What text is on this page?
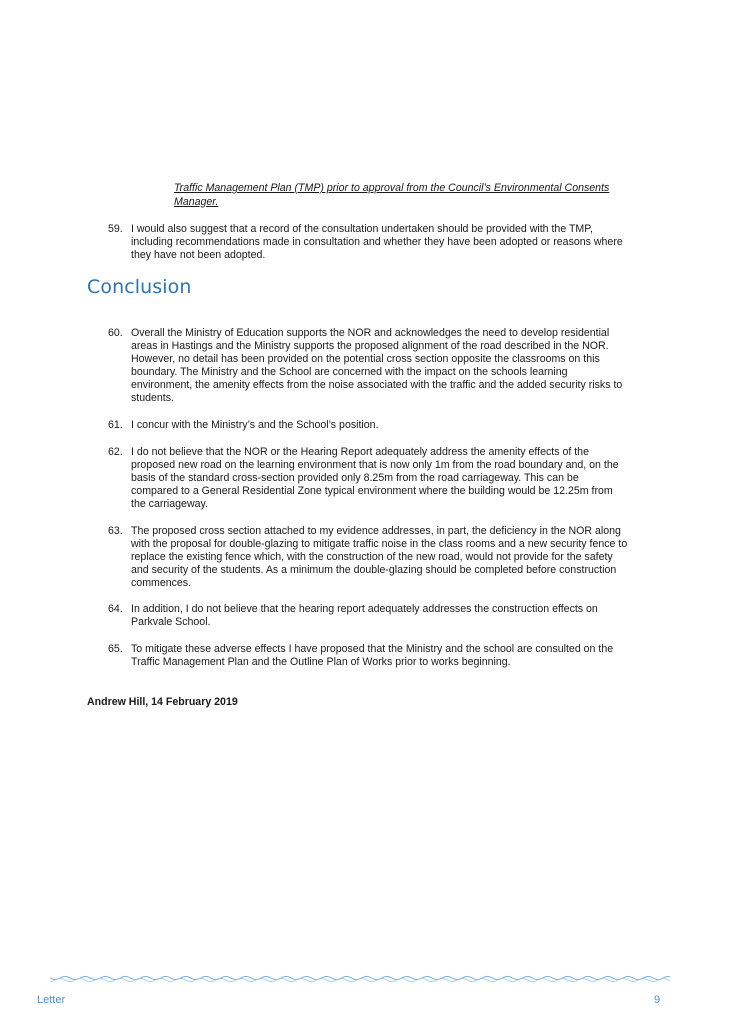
Traffic Management Plan (TMP) prior to approval from the Council’s Environmental Consents Manager.
59. I would also suggest that a record of the consultation undertaken should be provided with the TMP, including recommendations made in consultation and whether they have been adopted or reasons where they have not been adopted.
Conclusion
60. Overall the Ministry of Education supports the NOR and acknowledges the need to develop residential areas in Hastings and the Ministry supports the proposed alignment of the road described in the NOR. However, no detail has been provided on the potential cross section opposite the classrooms on this boundary. The Ministry and the School are concerned with the impact on the schools learning environment, the amenity effects from the noise associated with the traffic and the added security risks to students.
61. I concur with the Ministry’s and the School’s position.
62. I do not believe that the NOR or the Hearing Report adequately address the amenity effects of the proposed new road on the learning environment that is now only 1m from the road boundary and, on the basis of the standard cross-section provided only 8.25m from the road carriageway. This can be compared to a General Residential Zone typical environment where the building would be 12.25m from the carriageway.
63. The proposed cross section attached to my evidence addresses, in part, the deficiency in the NOR along with the proposal for double-glazing to mitigate traffic noise in the class rooms and a new security fence to replace the existing fence which, with the construction of the new road, would not provide for the safety and security of the students. As a minimum the double-glazing should be completed before construction commences.
64. In addition, I do not believe that the hearing report adequately addresses the construction effects on Parkvale School.
65. To mitigate these adverse effects I have proposed that the Ministry and the school are consulted on the Traffic Management Plan and the Outline Plan of Works prior to works beginning.
Andrew Hill, 14 February 2019
Letter	9
